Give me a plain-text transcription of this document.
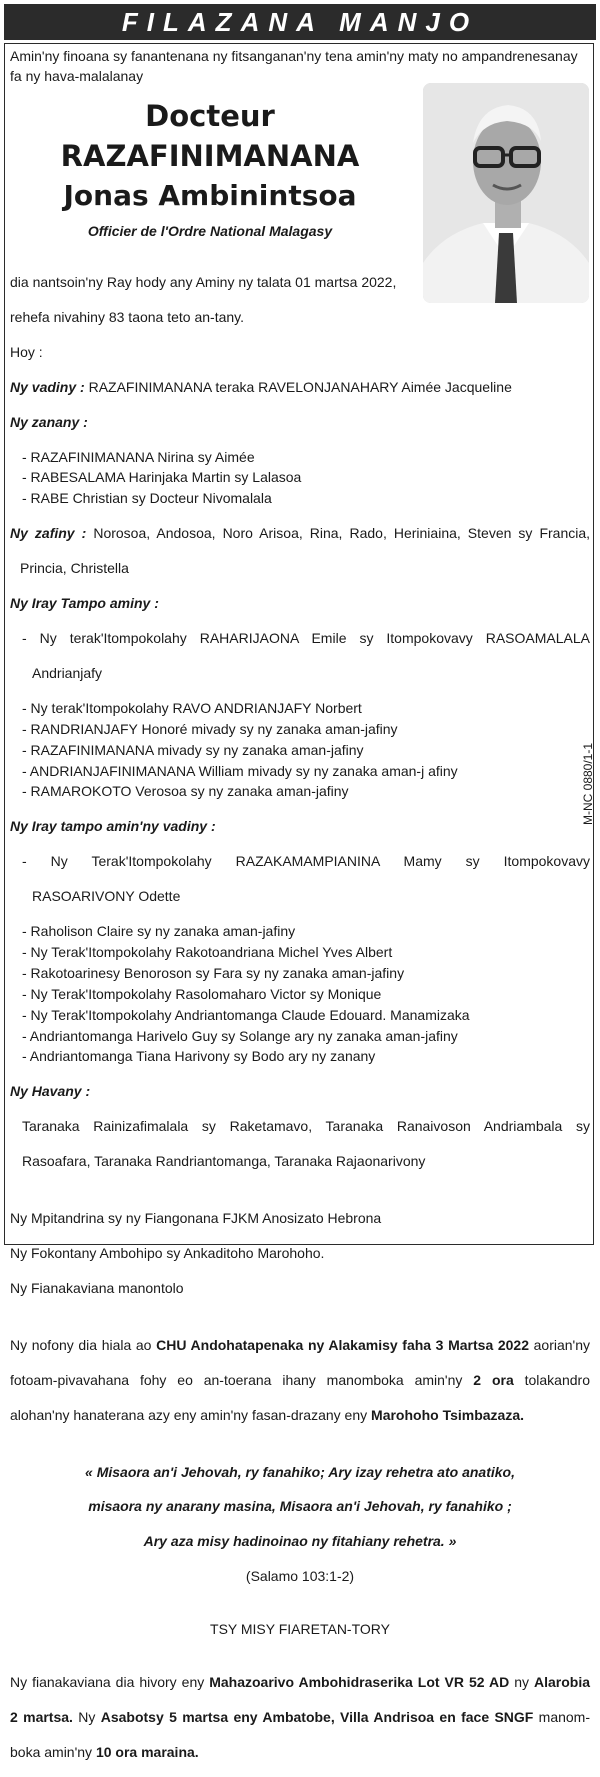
FILAZANA MANJO

Amin'ny finoana sy fanantenana ny fitsanganan'ny tena amin'ny maty no ampandrenesanay fa ny hava-malalanay

Docteur
RAZAFINIMANANA
Jonas Ambinintsoa
Officier de l'Ordre National Malagasy

dia nantsoin'ny Ray hody any Aminy ny talata 01 martsa 2022,

rehefa nivahiny 83 taona teto an-tany.

Hoy :

Ny vadiny : RAZAFINIMANANA teraka RAVELONJANAHARY Aimée Jacqueline

Ny zanany :

- RAZAFINIMANANA Nirina sy Aimée

- RABESALAMA Harinjaka Martin sy Lalasoa

- RABE Christian sy Docteur Nivomalala

Ny zafiny : Norosoa, Andosoa, Noro Arisoa, Rina, Rado, Heriniaina, Steven sy Francia,

Princia, Christella

Ny Iray Tampo aminy :

- Ny terak'Itompokolahy RAHARIJAONA Emile sy Itompokovavy RASOAMALALA

Andrianjafy

- Ny terak'Itompokolahy RAVO ANDRIANJAFY Norbert

- RANDRIANJAFY Honoré mivady sy ny zanaka aman-jafiny

- RAZAFINIMANANA mivady sy ny zanaka aman-jafiny

- ANDRIANJAFINIMANANA William mivady sy ny zanaka aman-j afiny

- RAMAROKOTO Verosoa sy ny zanaka aman-jafiny

Ny Iray tampo amin'ny vadiny :

- Ny Terak'Itompokolahy RAZAKAMAMPIANINA Mamy sy Itompokovavy

RASOARIVONY Odette

- Raholison Claire sy ny zanaka aman-jafiny

- Ny Terak'Itompokolahy Rakotoandriana Michel Yves Albert

- Rakotoarinesy Benoroson sy Fara sy ny zanaka aman-jafiny

- Ny Terak'Itompokolahy Rasolomaharo Victor sy Monique

- Ny Terak'Itompokolahy Andriantomanga Claude Edouard. Manamizaka

- Andriantomanga Harivelo Guy sy Solange ary ny zanaka aman-jafiny

- Andriantomanga Tiana Harivony sy Bodo ary ny zanany

Ny Havany :

Taranaka Rainizafimalala sy Raketamavo, Taranaka Ranaivoson Andriambala sy

Rasoafara, Taranaka Randriantomanga, Taranaka Rajaonarivony

Ny Mpitandrina sy ny Fiangonana FJKM Anosizato Hebrona

Ny Fokontany Ambohipo sy Ankaditoho Marohoho.

Ny Fianakaviana manontolo

Ny nofony dia hiala ao CHU Andohatapenaka ny Alakamisy faha 3 Martsa 2022 aorian'ny

fotoam-pivavahana fohy eo an-toerana ihany manomboka amin'ny 2 ora tolakandro

alohan'ny hanaterana azy eny amin'ny fasan-drazany eny Marohoho Tsimbazaza.

« Misaora an'i Jehovah, ry fanahiko; Ary izay rehetra ato anatiko,

misaora ny anarany masina, Misaora an'i Jehovah, ry fanahiko ;

Ary aza misy hadinoinao ny fitahiany rehetra. »

(Salamo 103:1-2)

TSY MISY FIARETAN-TORY

Ny fianakaviana dia hivory eny Mahazoarivo Ambohidraserika Lot VR 52 AD ny Alarobia

2 martsa. Ny Asabotsy 5 martsa eny Ambatobe, Villa Andrisoa en face SNGF manom-

boka amin'ny 10 ora maraina.

M-NC 0880/1-1
